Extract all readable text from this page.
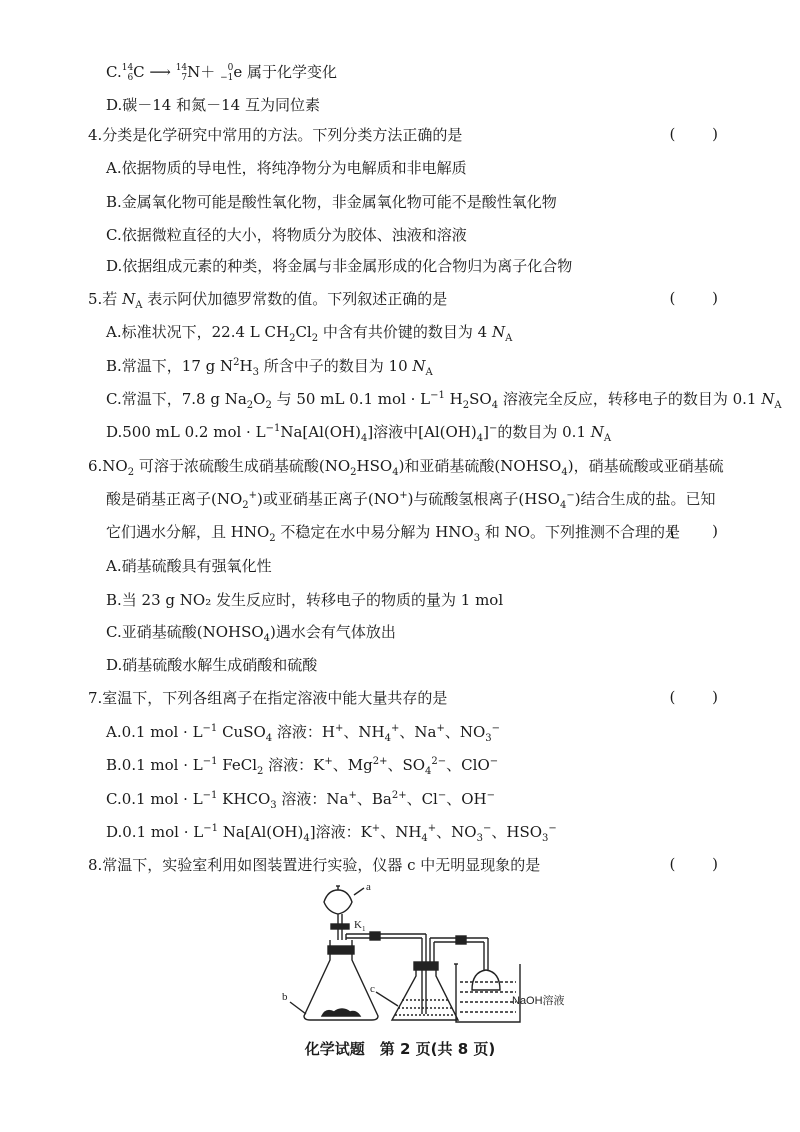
C. 14
6 C ⟶ 14
7 N＋ 0
−1 e 属于化学变化
D.碳－14 和氮－14 互为同位素
4.分类是化学研究中常用的方法。下列分类方法正确的是	( )
A.依据物质的导电性，将纯净物分为电解质和非电解质
B.金属氧化物可能是酸性氧化物，非金属氧化物可能不是酸性氧化物
C.依据微粒直径的大小，将物质分为胶体、浊液和溶液
D.依据组成元素的种类，将金属与非金属形成的化合物归为离子化合物
5.若 $N_A$ 表示阿伏加德罗常数的值。下列叙述正确的是	( )
A.标准状况下，22.4 L $CH_2Cl_2$ 中含有共价键的数目为 4 $N_A$
B.常温下，17 g $N^2H_3$ 所含中子的数目为 10 $N_A$
C.常温下，7.8 g $Na_2O_2$ 与 50 mL 0.1 mol · $L^{-1}$ $H_2SO_4$ 溶液完全反应，转移电子的数目为 0.1 $N_A$
D.500 mL 0.2 mol · $L^{-1}Na[Al(OH)_4]$溶液中$[Al(OH)_4]^-$的数目为 0.1 $N_A$
$6.NO_2$ 可溶于浓硫酸生成硝基硫酸$(NO_2HSO_4)$和亚硝基硫酸$(NOHSO_4)$，硝基硫酸或亚硝基硫
酸是硝基正离子$(NO_2^+)$或亚硝基正离子(NO+)与硫酸氢根离子$(HSO_4^-)$结合生成的盐。已知
它们遇水分解，且 $HNO_2$ 不稳定在水中易分解为 $HNO_3$ 和 NO。下列推测不合理的是
( )
A.硝基硫酸具有强氧化性
B.当 23 g NO₂ 发生反应时，转移电子的物质的量为 1 mol
C.亚硝基硫酸$(NOHSO_4)$遇水会有气体放出
D.硝基硫酸水解生成硝酸和硫酸
7.室温下，下列各组离子在指定溶液中能大量共存的是	( )
A.0.1 mol · $L^{-1}$ CuSO$_4$ 溶液：H+、$NH_4^+$、Na+、$NO_3^-$
B.0.1 mol · $L^{-1}$ FeCl$_2$ 溶液：K+、$Mg^{2+}$、$SO_4^{2-}$、ClO−
C.0.1 mol · $L^{-1}$ $KHCO_3$ 溶液：Na+、$Ba^{2+}$、Cl−、OH−
D.0.1 mol · $L^{-1}$ $Na[Al(OH)_4]$溶液：K+、$NH_4^+$、$NO_3^-$、$HSO_3^-$
8.常温下，实验室利用如图装置进行实验，仪器 c 中无明显现象的是	( )
a
$K_1$
b
c
NaOH溶液
化学试题　第 2 页(共 8 页)
